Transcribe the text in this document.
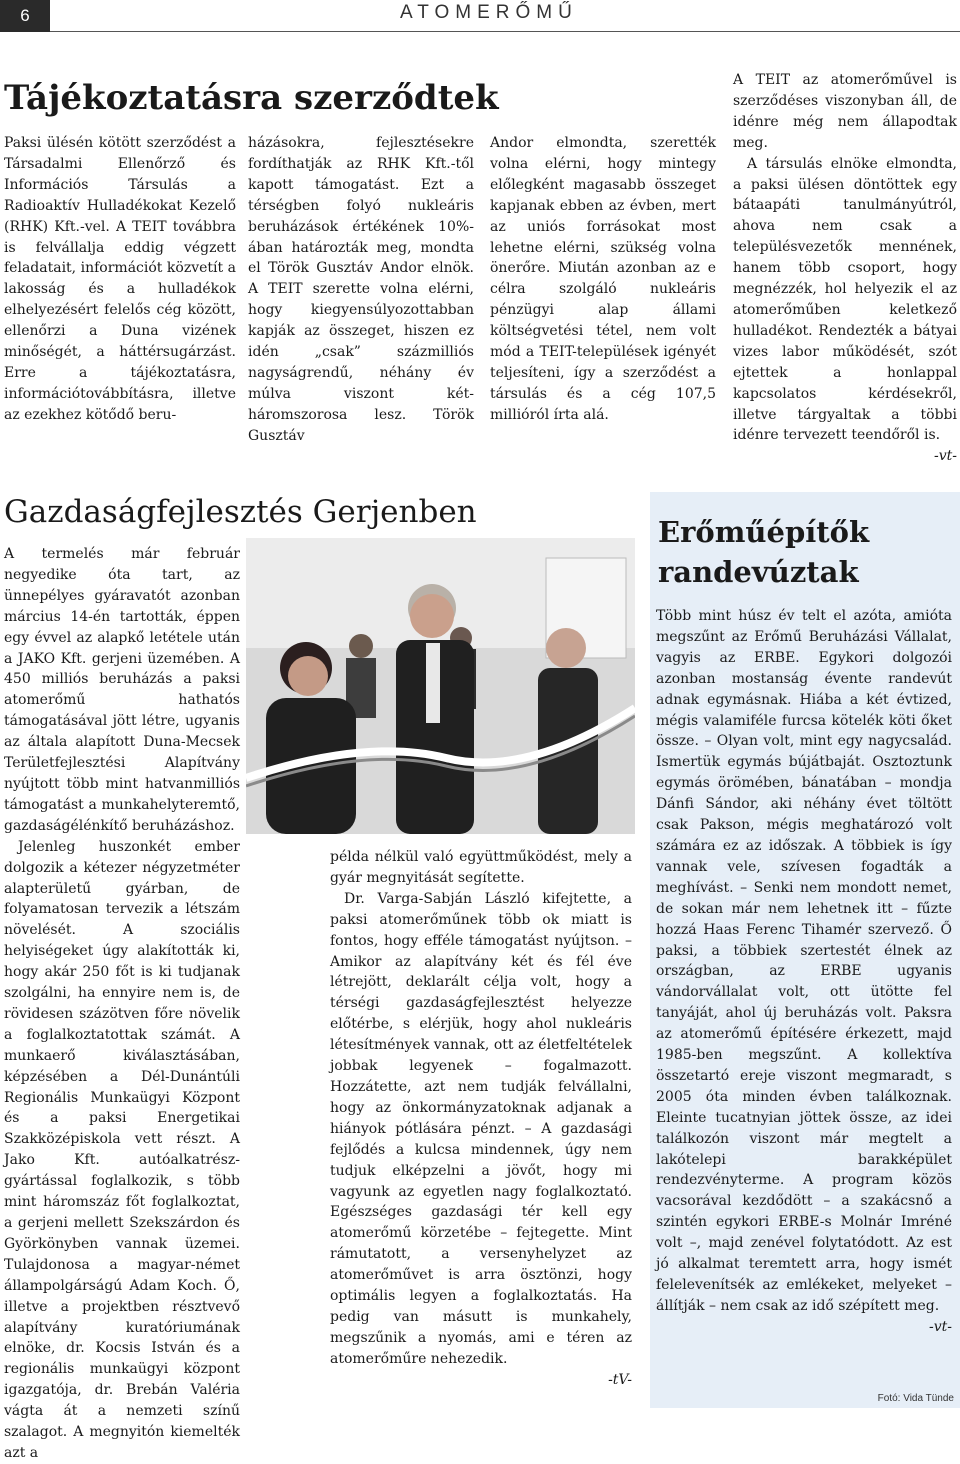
6	ATOMERŐMŰ
Tájékoztatásra szerződtek

Paksi ülésén kötött szerződést a Társadalmi Ellenőrző és Információs Társulás a Radioaktív Hulladékokat Kezelő (RHK) Kft.-vel. A TEIT továbbra is felvállalja eddig végzett feladatait, információt közvetít a lakosság és a hulladékok elhelyezésért felelős cég között, ellenőrzi a Duna vizének minőségét, a háttérsugárzást. Erre a tájékoztatásra, információtovábbításra, illetve az ezekhez kötődő beru-

házásokra, fejlesztésekre fordíthatják az RHK Kft.-től kapott támogatást. Ezt a térségben folyó nukleáris beruházások értékének 10%-ában határozták meg, mondta el Török Gusztáv Andor elnök. A TEIT szerette volna elérni, hogy kiegyensúlyozottabban kapják az összeget, hiszen ez idén „csak” százmilliós nagyságrendű, néhány év múlva viszont két-háromszorosa lesz. Török Gusztáv

Andor elmondta, szerették volna elérni, hogy mintegy előlegként magasabb összeget kapjanak ebben az évben, mert az uniós forrásokat most lehetne elérni, szükség volna önerőre. Miután azonban az e célra szolgáló nukleáris pénzügyi alap állami költségvetési tétel, nem volt mód a TEIT-települések igényét teljesíteni, így a szerződést a társulás és a cég 107,5 millióról írta alá.

A TEIT az atomerőművel is szerződéses viszonyban áll, de idénre még nem állapodtak meg.

A társulás elnöke elmondta, a paksi ülésen döntöttek egy bátaapáti tanulmányútról, ahova nem csak a településvezetők mennének, hanem több csoport, hogy megnézzék, hol helyezik el az atomerőműben keletkező hulladékot. Rendezték a bátyai vizes labor működését, szót ejtettek a honlappal kapcsolatos kérdésekről, illetve tárgyaltak a többi idénre tervezett teendőről is.

-vt-

Gazdaságfejlesztés Gerjenben

A termelés már február negyedike óta tart, az ünnepélyes gyáravatót azonban március 14-én tartották, éppen egy évvel az alapkő letétele után a JAKO Kft. gerjeni üzemében. A 450 milliós beruházás a paksi atomerőmű hathatós támogatásával jött létre, ugyanis az általa alapított Duna-Mecsek Területfejlesztési Alapítvány nyújtott több mint hatvanmilliós támogatást a munkahelyteremtő, gazdaságélénkítő beruházáshoz.

Jelenleg huszonkét ember dolgozik a kétezer négyzetméter alapterületű gyárban, de folyamatosan tervezik a létszám növelését. A szociális helyiségeket úgy alakították ki, hogy akár 250 főt is ki tudjanak szolgálni, ha ennyire nem is, de rövidesen százötven főre növelik a foglalkoztatottak számát. A munkaerő kiválasztásában, képzésében a Dél-Dunántúli Regionális Munkaügyi Központ és a paksi Energetikai Szakközépiskola vett részt. A Jako Kft. autóalkatrész-gyártással foglalkozik, s több mint háromszáz főt foglalkoztat, a gerjeni mellett Szekszárdon és Györkönyben vannak üzemei. Tulajdonosa a magyar-német állampolgárságú Adam Koch. Ő, illetve a projektben résztvevő alapítvány kuratóriumának elnöke, dr. Kocsis István és a regionális munkaügyi központ igazgatója, dr. Brebán Valéria vágta át a nemzeti színű szalagot. A megnyitón kiemelték azt a

példa nélkül való együttműködést, mely a gyár megnyitását segítette.

Dr. Varga-Sabján László kifejtette, a paksi atomerőműnek több ok miatt is fontos, hogy efféle támogatást nyújtson. – Amikor az alapítvány két és fél éve létrejött, deklarált célja volt, hogy a térségi gazdaságfejlesztést helyezze előtérbe, s elérjük, hogy ahol nukleáris létesítmények vannak, ott az életfeltételek jobbak legyenek – fogalmazott. Hozzátette, azt nem tudják felvállalni, hogy az önkormányzatoknak adjanak a hiányok pótlására pénzt. – A gazdasági fejlődés a kulcsa mindennek, úgy nem tudjuk elképzelni a jövőt, hogy mi vagyunk az egyetlen nagy foglalkoztató. Egészséges gazdasági tér kell egy atomerőmű körzetébe – fejtegette. Mint rámutatott, a versenyhelyzet az atomerőművet is arra ösztönzi, hogy optimális legyen a foglalkoztatás. Ha pedig van másutt is munkahely, megszűnik a nyomás, ami e téren az atomerőműre nehezedik.

-tV-

Erőműépítők randevúztak

Több mint húsz év telt el azóta, amióta megszűnt az Erőmű Beruházási Vállalat, vagyis az ERBE. Egykori dolgozói azonban mostanság évente randevút adnak egymásnak. Hiába a két évtized, mégis valamiféle furcsa kötelék köti őket össze. – Olyan volt, mint egy nagycsalád. Ismertük egymás bújátbaját. Osztoztunk egymás örömében, bánatában – mondja Dánfi Sándor, aki néhány évet töltött csak Pakson, mégis meghatározó volt számára ez az időszak. A többiek is így vannak vele, szívesen fogadták a meghívást. – Senki nem mondott nemet, de sokan már nem lehetnek itt – fűzte hozzá Haas Ferenc Tihamér szervező. Ő paksi, a többiek szertestét élnek az országban, az ERBE ugyanis vándorvállalat volt, ott ütötte fel tanyáját, ahol új beruházás volt. Paksra az atomerőmű építésére érkezett, majd 1985-ben megszűnt. A kollektíva összetartó ereje viszont megmaradt, s 2005 óta minden évben találkoznak. Eleinte tucatnyian jöttek össze, az idei találkozón viszont már megtelt a lakótelepi barakképület rendezvénytermе. A program közös vacsorával kezdődött – a szakácsnő a szintén egykori ERBE-s Molnár Imréné volt –, majd zenével folytatódott. Az est jó alkalmat teremtett arra, hogy ismét felelevenítsék az emlékeket, melyeket – állítják – nem csak az idő szépített meg.

-vt-

Fotó: Vida Tünde
